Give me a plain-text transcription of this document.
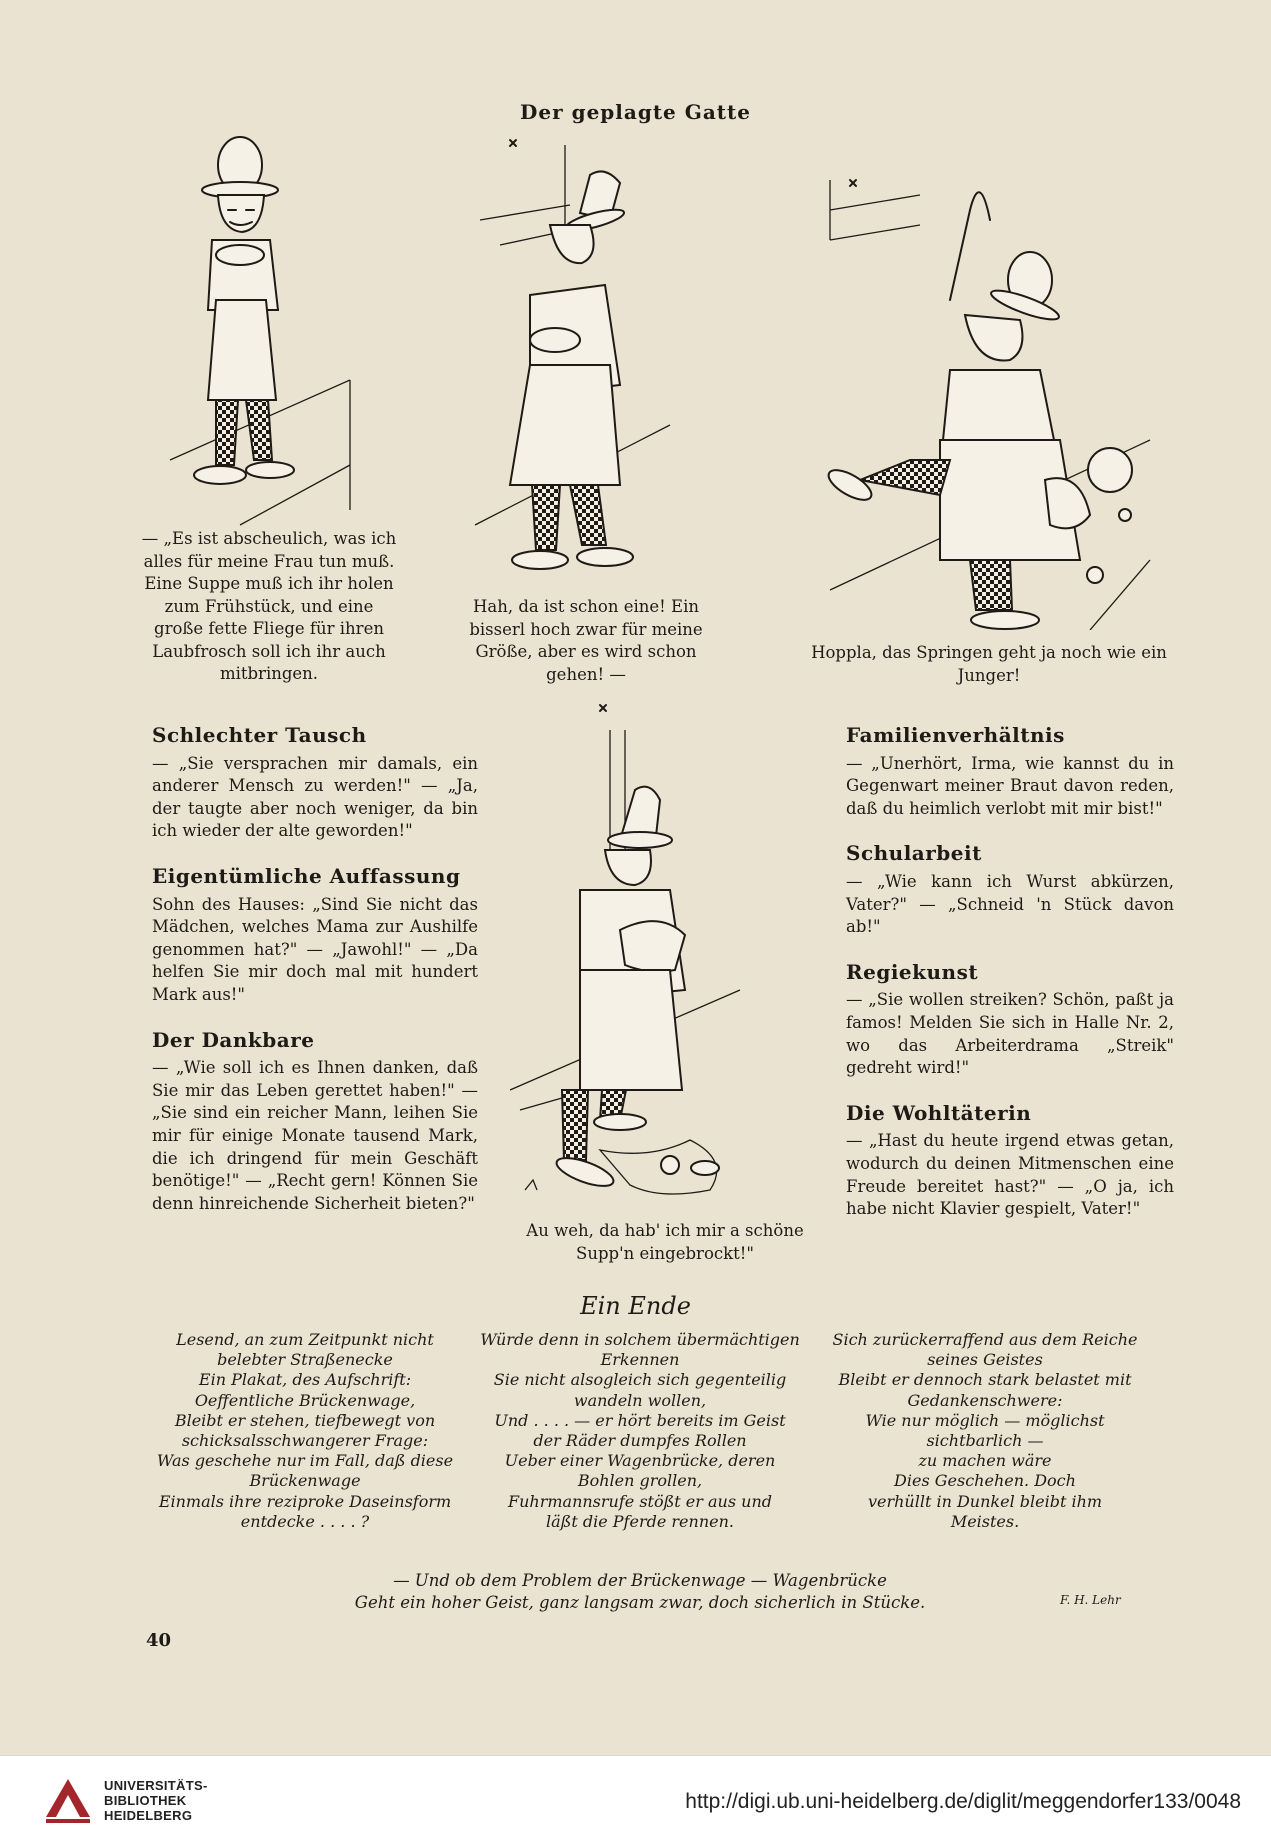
Der geplagte Gatte
— „Es ist abscheulich, was ich alles für meine Frau tun muß. Eine Suppe muß ich ihr holen zum Frühstück, und eine große fette Fliege für ihren Laubfrosch soll ich ihr auch mitbringen.
Hah, da ist schon eine! Ein bisserl hoch zwar für meine Größe, aber es wird schon gehen! —
Hoppla, das Springen geht ja noch wie ein Junger!
Au weh, da hab' ich mir a schöne Supp'n eingebrockt!"
Schlechter Tausch

— „Sie versprachen mir damals, ein anderer Mensch zu werden!" — „Ja, der taugte aber noch weniger, da bin ich wieder der alte geworden!"

Eigentümliche Auffassung

Sohn des Hauses: „Sind Sie nicht das Mädchen, welches Mama zur Aushilfe genommen hat?" — „Jawohl!" — „Da helfen Sie mir doch mal mit hundert Mark aus!"

Der Dankbare

— „Wie soll ich es Ihnen danken, daß Sie mir das Leben gerettet haben!" — „Sie sind ein reicher Mann, leihen Sie mir für einige Monate tausend Mark, die ich dringend für mein Geschäft benötige!" — „Recht gern! Können Sie denn hinreichende Sicherheit bieten?"

Familienverhältnis

— „Unerhört, Irma, wie kannst du in Gegenwart meiner Braut davon reden, daß du heimlich verlobt mit mir bist!"

Schularbeit

— „Wie kann ich Wurst abkürzen, Vater?" — „Schneid 'n Stück davon ab!"

Regiekunst

— „Sie wollen streiken? Schön, paßt ja famos! Melden Sie sich in Halle Nr. 2, wo das Arbeiterdrama „Streik" gedreht wird!"

Die Wohltäterin

— „Hast du heute irgend etwas getan, wodurch du deinen Mitmenschen eine Freude bereitet hast?" — „O ja, ich habe nicht Klavier gespielt, Vater!"

Ein Ende
Lesend, an zum Zeitpunkt nicht
belebter Straßenecke
Ein Plakat, des Aufschrift:
Oeffentliche Brückenwage,
Bleibt er stehen, tiefbewegt von
schicksalsschwangerer Frage:
Was geschehe nur im Fall, daß diese
Brückenwage
Einmals ihre reziproke Daseinsform
entdecke . . . . ?
Würde denn in solchem übermächtigen
Erkennen
Sie nicht alsogleich sich gegenteilig
wandeln wollen,
Und . . . . — er hört bereits im Geist
der Räder dumpfes Rollen
Ueber einer Wagenbrücke, deren
Bohlen grollen,
Fuhrmannsrufe stößt er aus und
läßt die Pferde rennen.
Sich zurückerraffend aus dem Reiche
seines Geistes
Bleibt er dennoch stark belastet mit
Gedankenschwere:
Wie nur möglich — möglichst
sichtbarlich —
zu machen wäre
Dies Geschehen. Doch
verhüllt in Dunkel bleibt ihm
Meistes.
— Und ob dem Problem der Brückenwage — Wagenbrücke
Geht ein hoher Geist, ganz langsam zwar, doch sicherlich in Stücke.	F. H. Lehr
40
UNIVERSITÄTS-
BIBLIOTHEK
HEIDELBERG
http://digi.ub.uni-heidelberg.de/diglit/meggendorfer133/0048
